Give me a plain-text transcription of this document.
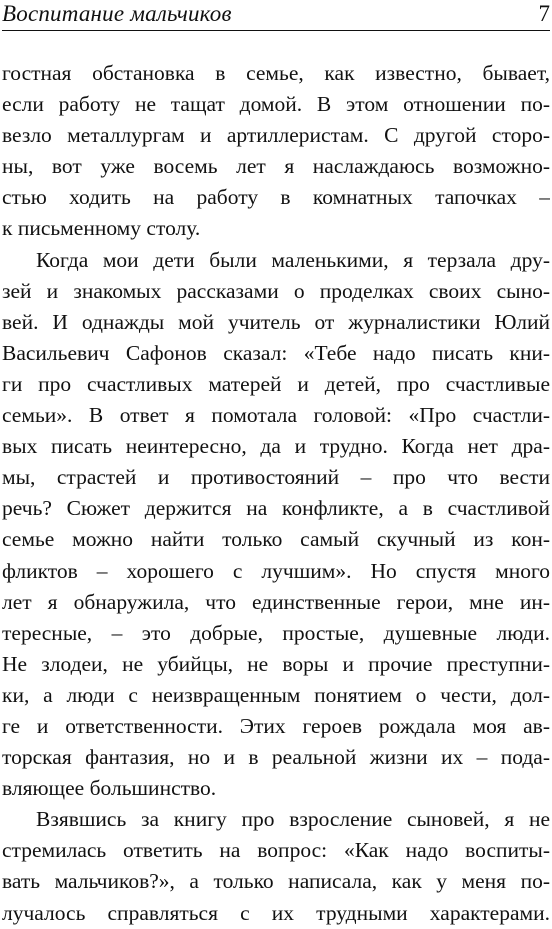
Воспитание мальчиков	7
гостная обстановка в семье, как известно, бывает,
если работу не тащат домой. В этом отношении по-
везло металлургам и артиллеристам. С другой сторо-
ны, вот уже восемь лет я наслаждаюсь возможно-
стью ходить на работу в комнатных тапочках –
к письменному столу.
Когда мои дети были маленькими, я терзала дру-
зей и знакомых рассказами о проделках своих сыно-
вей. И однажды мой учитель от журналистики Юлий
Васильевич Сафонов сказал: «Тебе надо писать кни-
ги про счастливых матерей и детей, про счастливые
семьи». В ответ я помотала головой: «Про счастли-
вых писать неинтересно, да и трудно. Когда нет дра-
мы, страстей и противостояний – про что вести
речь? Сюжет держится на конфликте, а в счастливой
семье можно найти только самый скучный из кон-
фликтов – хорошего с лучшим». Но спустя много
лет я обнаружила, что единственные герои, мне ин-
тересные, – это добрые, простые, душевные люди.
Не злодеи, не убийцы, не воры и прочие преступни-
ки, а люди с неизвращенным понятием о чести, дол-
ге и ответственности. Этих героев рождала моя ав-
торская фантазия, но и в реальной жизни их – пода-
вляющее большинство.
Взявшись за книгу про взросление сыновей, я не
стремилась ответить на вопрос: «Как надо воспиты-
вать мальчиков?», а только написала, как у меня по-
лучалось справляться с их трудными характерами.
